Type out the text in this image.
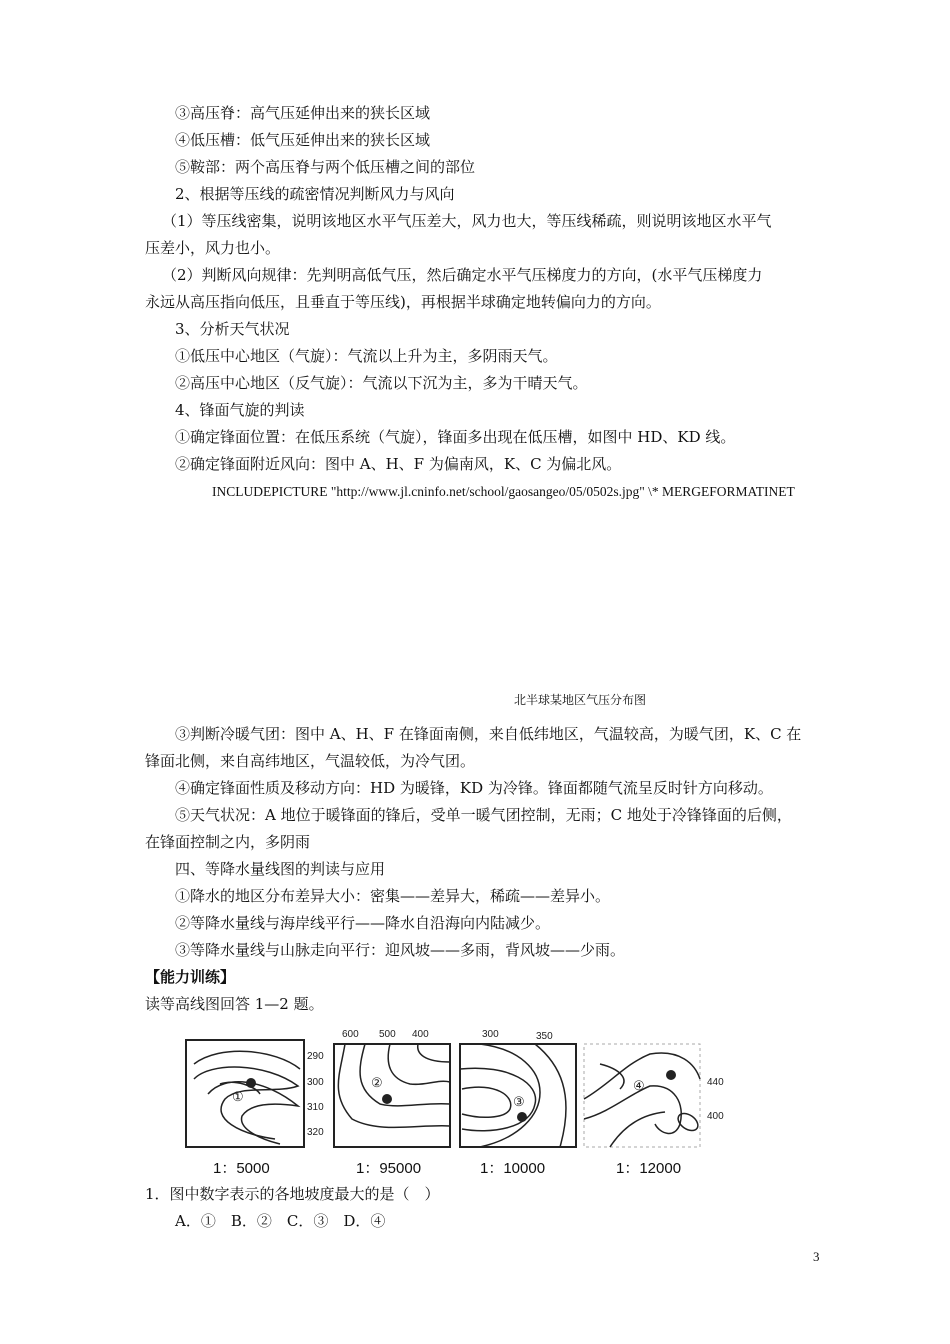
③高压脊：高气压延伸出来的狭长区域
④低压槽：低气压延伸出来的狭长区域
⑤鞍部：两个高压脊与两个低压槽之间的部位
2、根据等压线的疏密情况判断风力与风向
（1）等压线密集，说明该地区水平气压差大，风力也大，等压线稀疏，则说明该地区水平气
压差小，风力也小。
（2）判断风向规律：先判明高低气压，然后确定水平气压梯度力的方向，(水平气压梯度力
永远从高压指向低压，且垂直于等压线)，再根据半球确定地转偏向力的方向。
3、分析天气状况
①低压中心地区（气旋）：气流以上升为主，多阴雨天气。
②高压中心地区（反气旋）：气流以下沉为主，多为干晴天气。
4、锋面气旋的判读
①确定锋面位置：在低压系统（气旋），锋面多出现在低压槽，如图中 HD、KD 线。
②确定锋面附近风向：图中 A、H、F 为偏南风，K、C 为偏北风。
INCLUDEPICTURE "http://www.jl.cninfo.net/school/gaosangeo/05/0502s.jpg" \* MERGEFORMATINET
北半球某地区气压分布图
③判断冷暖气团：图中 A、H、F 在锋面南侧，来自低纬地区，气温较高，为暖气团，K、C 在
锋面北侧，来自高纬地区，气温较低，为冷气团。
④确定锋面性质及移动方向：HD 为暖锋，KD 为冷锋。锋面都随气流呈反时针方向移动。
⑤天气状况：A 地位于暖锋面的锋后，受单一暖气团控制，无雨；C 地处于冷锋锋面的后侧，
在锋面控制之内，多阴雨
四、等降水量线图的判读与应用
①降水的地区分布差异大小：密集——差异大，稀疏——差异小。
②等降水量线与海岸线平行——降水自沿海向内陆减少。
③等降水量线与山脉走向平行：迎风坡——多雨，背风坡——少雨。
【能力训练】
读等高线图回答 1—2 题。
①
290
300
310
320
②
600 500 400
③
300	350
④	440
400
1：5000	1：95000	1：10000	1：12000
1．图中数字表示的各地坡度最大的是（　）
A．①　B．②　C．③　D．④
3
